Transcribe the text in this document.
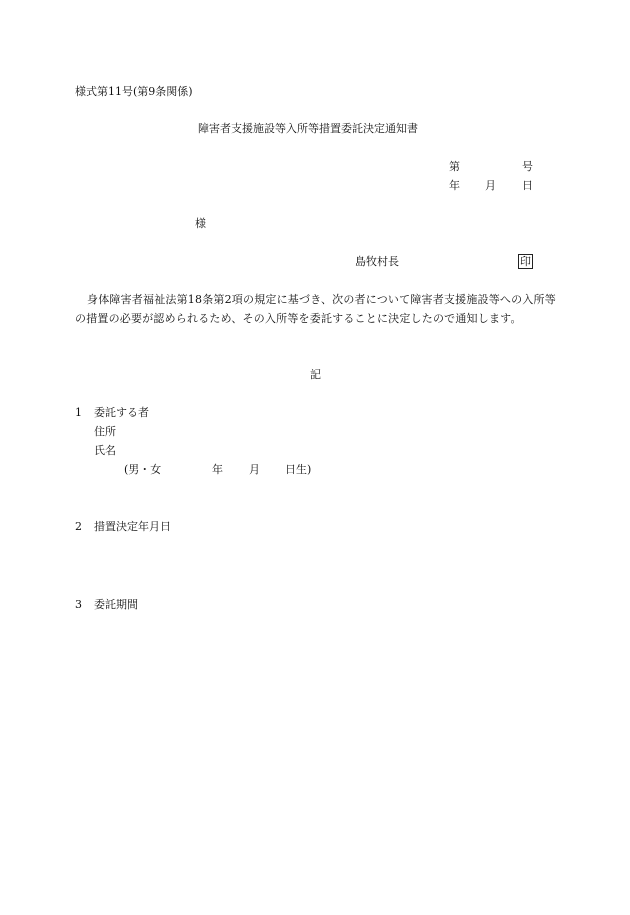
様式第11号(第9条関係)
障害者支援施設等入所等措置委託決定通知書
第	号
年 月 日
様
島牧村長	印
身体障害者福祉法第18条第2項の規定に基づき、次の者について障害者支援施設等への入所等の措置の必要が認められるため、その入所等を委託することに決定したので通知します。
記
1 委託する者
住所
氏名
(男・女	年 月 日生)
2 措置決定年月日
3 委託期間
